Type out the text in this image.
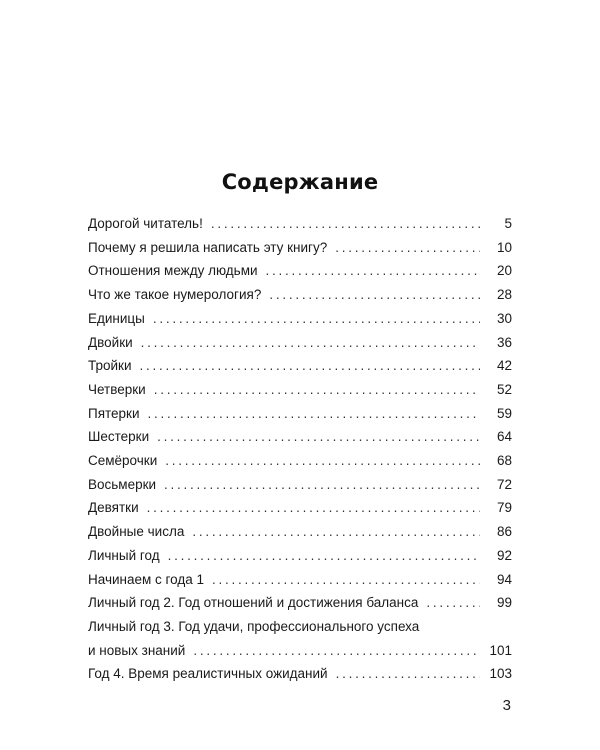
Содержание
Дорогой читатель! . . .	5
Почему я решила написать эту книгу? . . .	10
Отношения между людьми . . .	20
Что же такое нумерология? . . .	28
Единицы . . .	30
Двойки . . .	36
Тройки . . .	42
Четверки . . .	52
Пятерки . . .	59
Шестерки . . .	64
Семёрочки . . .	68
Восьмерки . . .	72
Девятки . . .	79
Двойные числа . . .	86
Личный год . . .	92
Начинаем с года 1 . . .	94
Личный год 2. Год отношений и достижения баланса . . .	99
Личный год 3. Год удачи, профессионального успеха
и новых знаний . . .	101
Год 4. Время реалистичных ожиданий . . .	103
3
